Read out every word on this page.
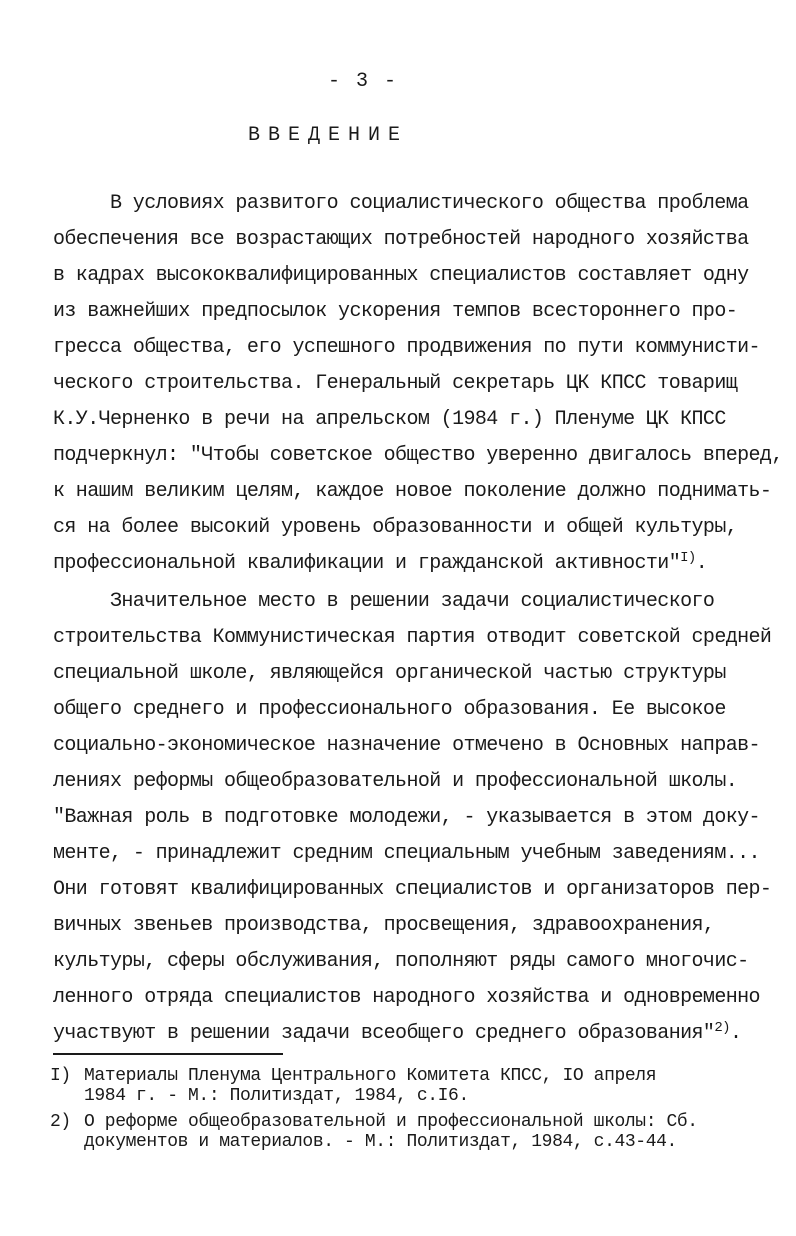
- 3 -
ВВЕДЕНИЕ
В условиях развитого социалистического общества проблема
обеспечения все возрастающих потребностей народного хозяйства
в кадрах высококвалифицированных специалистов составляет одну
из важнейших предпосылок ускорения темпов всестороннего про-
гресса общества, его успешного продвижения по пути коммунисти-
ческого строительства. Генеральный секретарь ЦК КПСС товарищ
К.У.Черненко в речи на апрельском (1984 г.) Пленуме ЦК КПСС
подчеркнул: "Чтобы советское общество уверенно двигалось вперед,
к нашим великим целям, каждое новое поколение должно поднимать-
ся на более высокий уровень образованности и общей культуры,
профессиональной квалификации и гражданской активности"$^{I)}$.
Значительное место в решении задачи социалистического
строительства Коммунистическая партия отводит советской средней
специальной школе, являющейся органической частью структуры
общего среднего и профессионального образования. Ее высокое
социально-экономическое назначение отмечено в Основных направ-
лениях реформы общеобразовательной и профессиональной школы.
"Важная роль в подготовке молодежи, - указывается в этом доку-
менте, - принадлежит средним специальным учебным заведениям...
Они готовят квалифицированных специалистов и организаторов пер-
вичных звеньев производства, просвещения, здравоохранения,
культуры, сферы обслуживания, пополняют ряды самого многочис-
ленного отряда специалистов народного хозяйства и одновременно
участвуют в решении задачи всеобщего среднего образования"$^{2)}$.
I) Материалы Пленума Центрального Комитета КПСС, IO апреля
1984 г. - М.: Политиздат, 1984, с.I6.
2) О реформе общеобразовательной и профессиональной школы: Сб.
документов и материалов. - М.: Политиздат, 1984, с.43-44.
